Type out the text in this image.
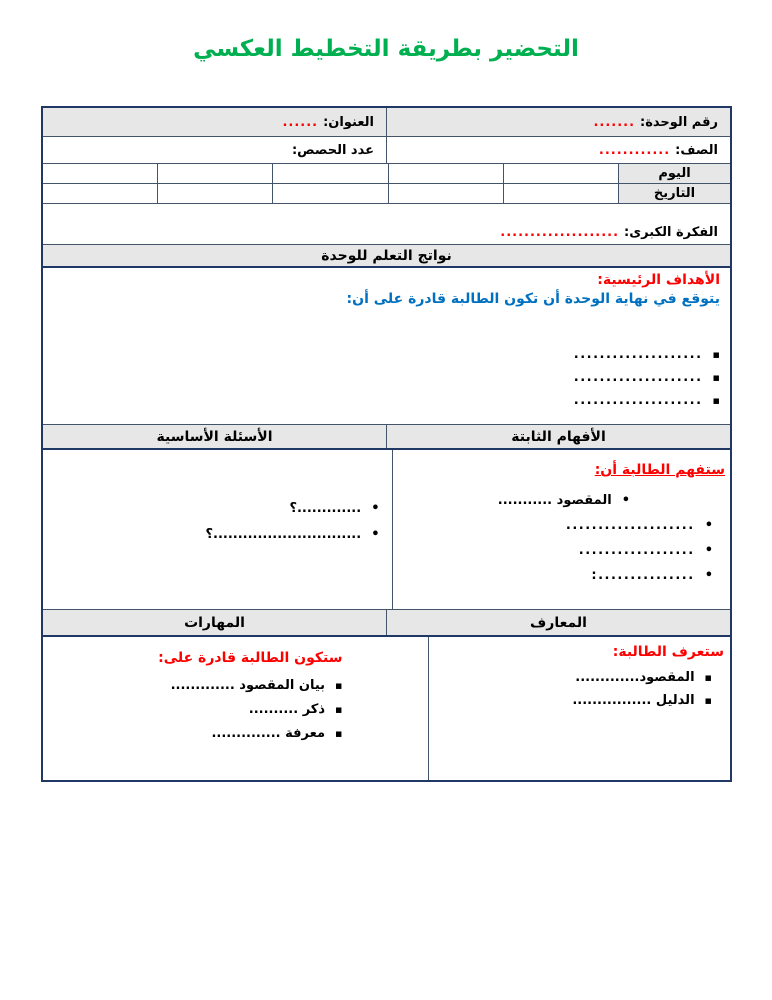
التحضير بطريقة التخطيط العكسي
رقم الوحدة:
.......
العنوان:
......
الصف:
............
عدد الحصص:
اليوم
التاريخ
الفكرة الكبرى:
....................
نواتج التعلم للوحدة
الأهداف الرئيسية:
يتوقع في نهاية الوحدة أن تكون الطالبة قادرة على أن:
▪
....................
▪
....................
▪
....................
الأفهام الثابتة
الأسئلة الأساسية
ستفهم الطالبة أن:
•
المقصود ...........
•
....................
•
..................
•
...............:
•
.............؟
•
..............................؟
المعارف
المهارات
ستعرف الطالبة:
▪
المقصود.............
▪
الدليل ................
ستكون الطالبة قادرة على:
▪
بيان المقصود .............
▪
ذكر ..........
▪
معرفة ..............
